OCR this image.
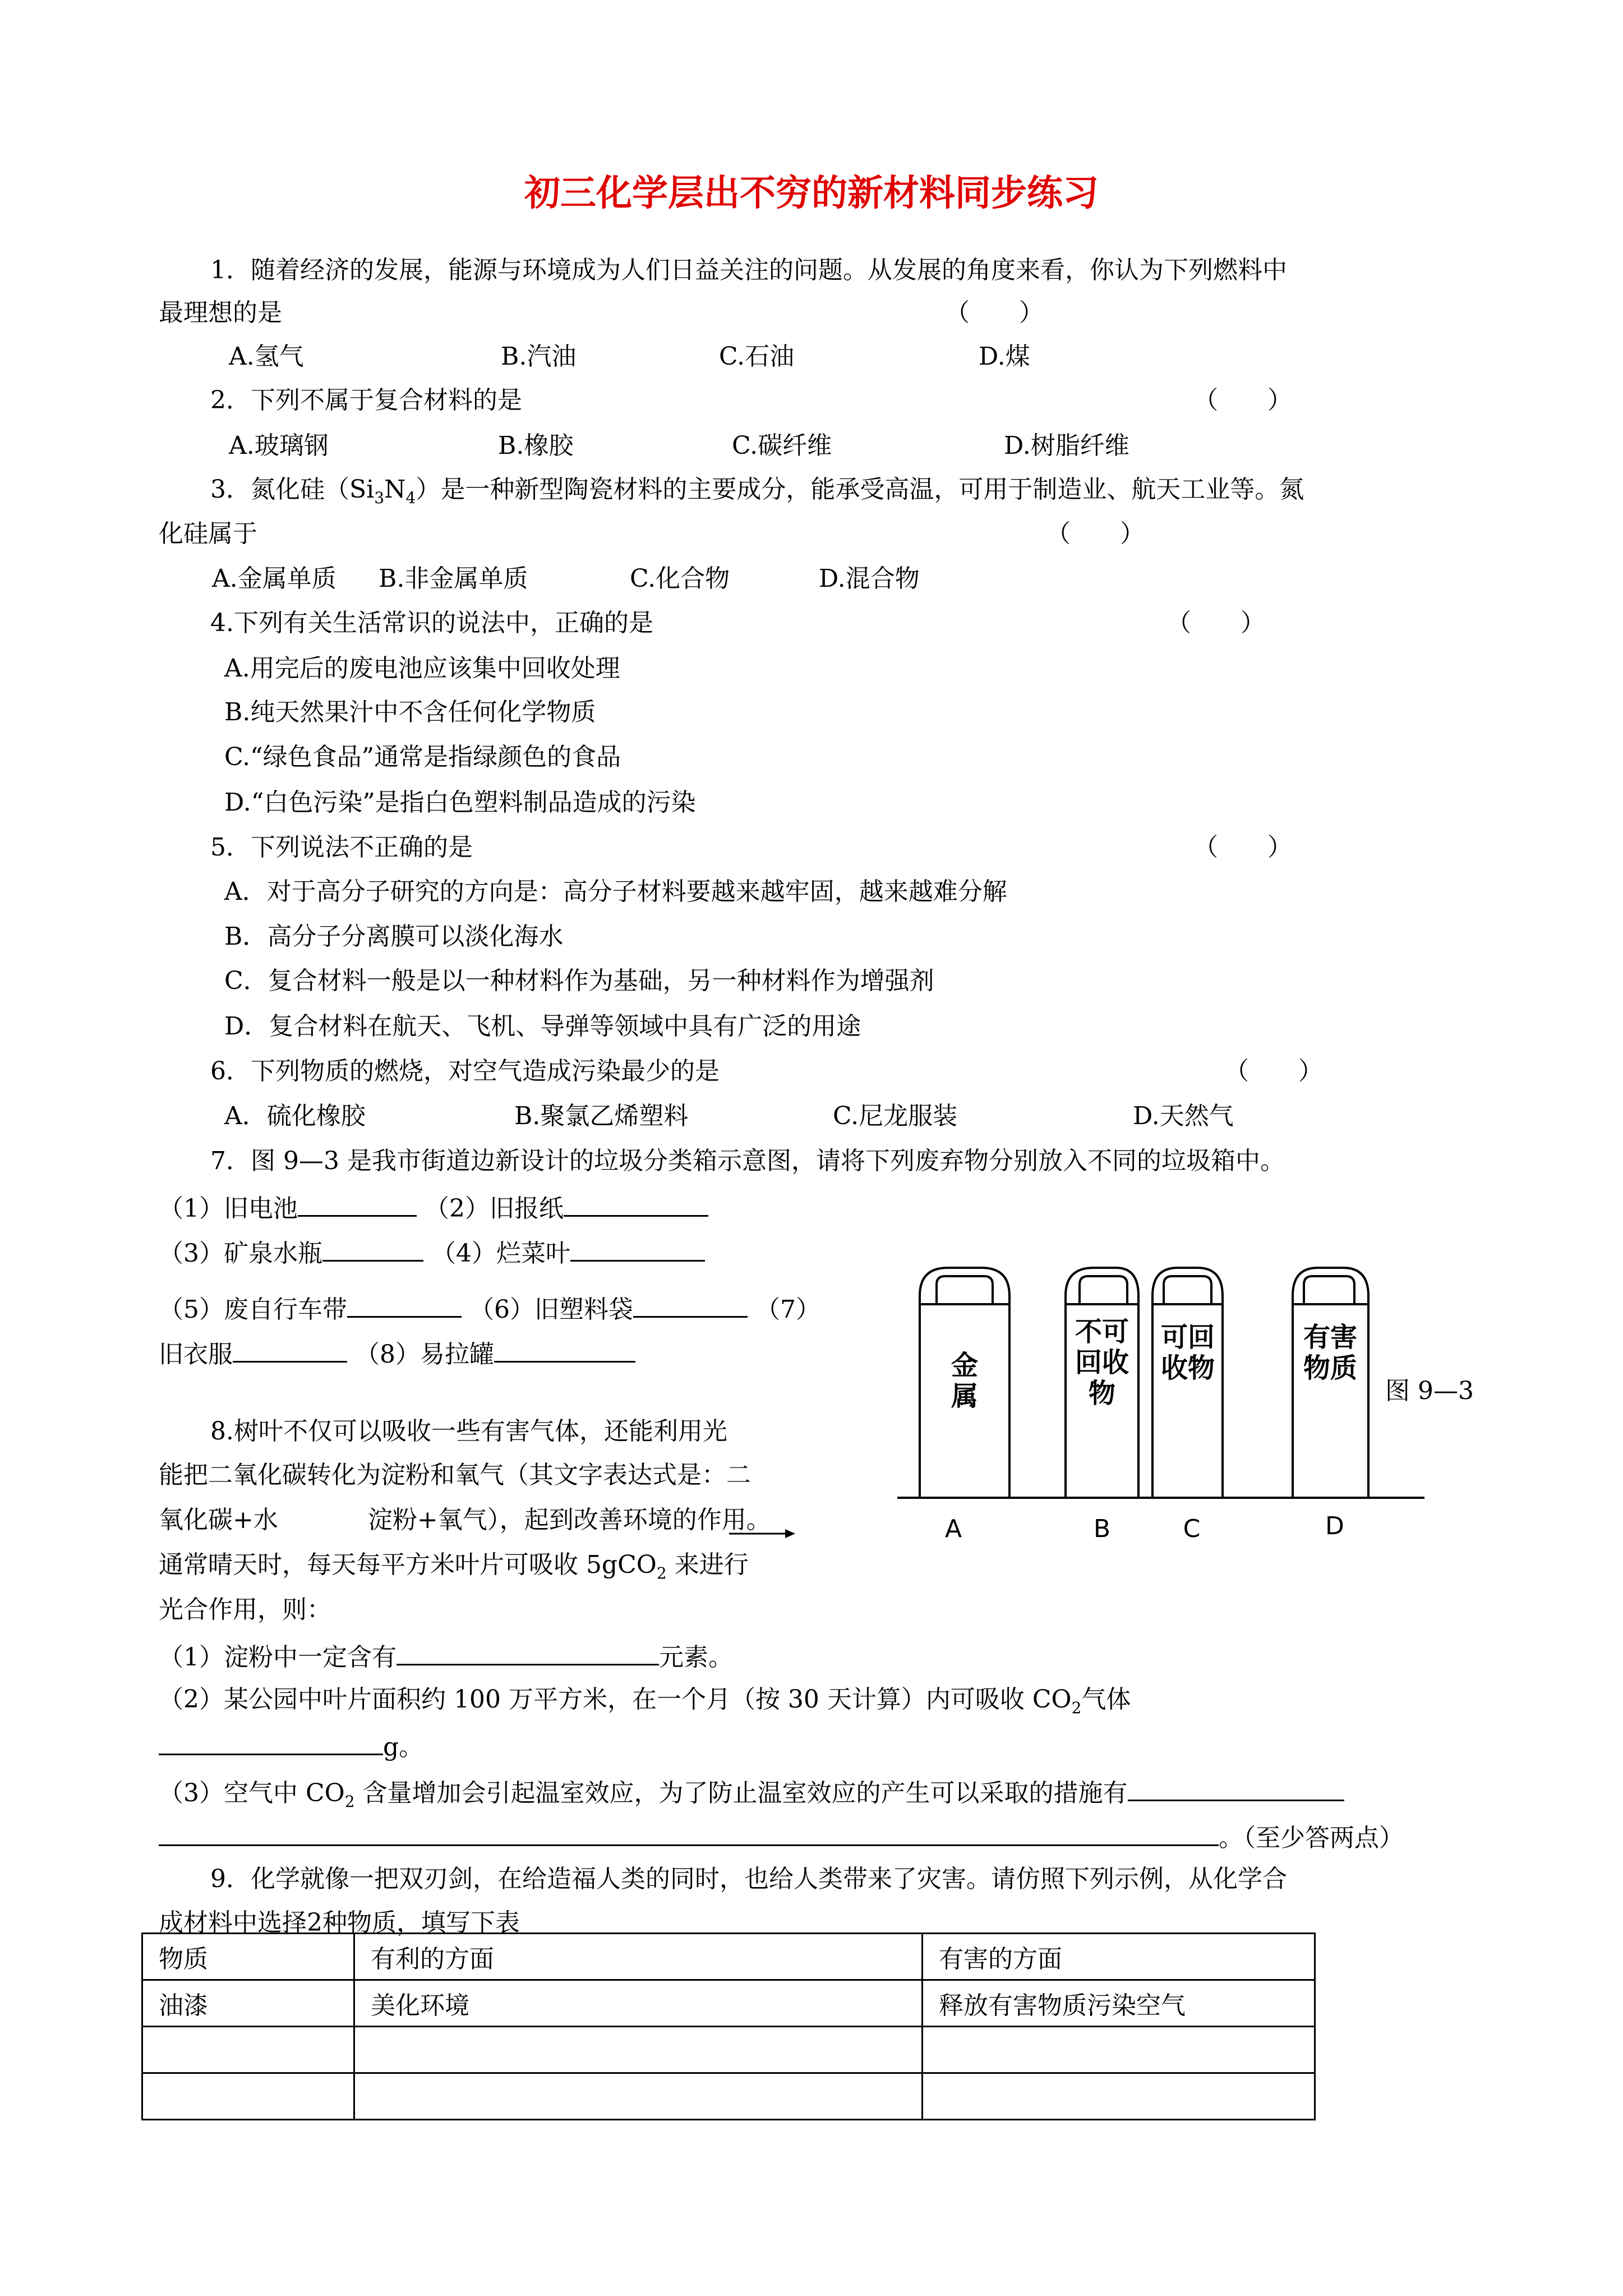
初三化学层出不穷的新材料同步练习
1．随着经济的发展，能源与环境成为人们日益关注的问题。从发展的角度来看，你认为下列燃料中
最理想的是	（　　）
A.氢气	B.汽油	C.石油	D.煤
2．下列不属于复合材料的是	（　　）
A.玻璃钢	B.橡胶	C.碳纤维	D.树脂纤维
3．氮化硅$(Si_3N_4)$是一种新型陶瓷材料的主要成分，能承受高温，可用于制造业、航天工业等。氮
化硅属于	（　　）
A.金属单质 B.非金属单质	C.化合物	D.混合物
4.下列有关生活常识的说法中，正确的是	（　　）
A.用完后的废电池应该集中回收处理
B.纯天然果汁中不含任何化学物质
C.“绿色食品”通常是指绿颜色的食品
D.“白色污染”是指白色塑料制品造成的污染
5．下列说法不正确的是	（　　）
A．对于高分子研究的方向是：高分子材料要越来越牢固，越来越难分解
B．高分子分离膜可以淡化海水
C．复合材料一般是以一种材料作为基础，另一种材料作为增强剂
D．复合材料在航天、飞机、导弹等领域中具有广泛的用途
6．下列物质的燃烧，对空气造成污染最少的是	（　　）
A．硫化橡胶	B.聚氯乙烯塑料	C.尼龙服装	D.天然气
7．图 9—3 是我市街道边新设计的垃圾分类箱示意图，请将下列废弃物分别放入不同的垃圾箱中。
（1）旧电池	（2）旧报纸
（3）矿泉水瓶	（4）烂菜叶
（5）废自行车带	（6）旧塑料袋	（7）
旧衣服	（8）易拉罐	金
属
不可
回收
物
可回
收物
有害
物质
A	B	C	D
图 9—3
8.树叶不仅可以吸收一些有害气体，还能利用光
能把二氧化碳转化为淀粉和氧气（其文字表达式是：二
氧化碳+水	淀粉+氧气），起到改善环境的作用。
通常晴天时，每天每平方米叶片可吸收 5gCO$_2$ 来进行
光合作用，则：
（1）淀粉中一定含有	元素。
（2）某公园中叶片面积约 100 万平方米，在一个月（按 30 天计算）内可吸收 $CO_2$气体
g。
（3）空气中 $CO_2$ 含量增加会引起温室效应，为了防止温室效应的产生可以采取的措施有
。（至少答两点）
9．化学就像一把双刃剑，在给造福人类的同时，也给人类带来了灾害。请仿照下列示例，从化学合
成材料中选择2种物质，填写下表
物质	有利的方面	有害的方面
油漆	美化环境	释放有害物质污染空气
